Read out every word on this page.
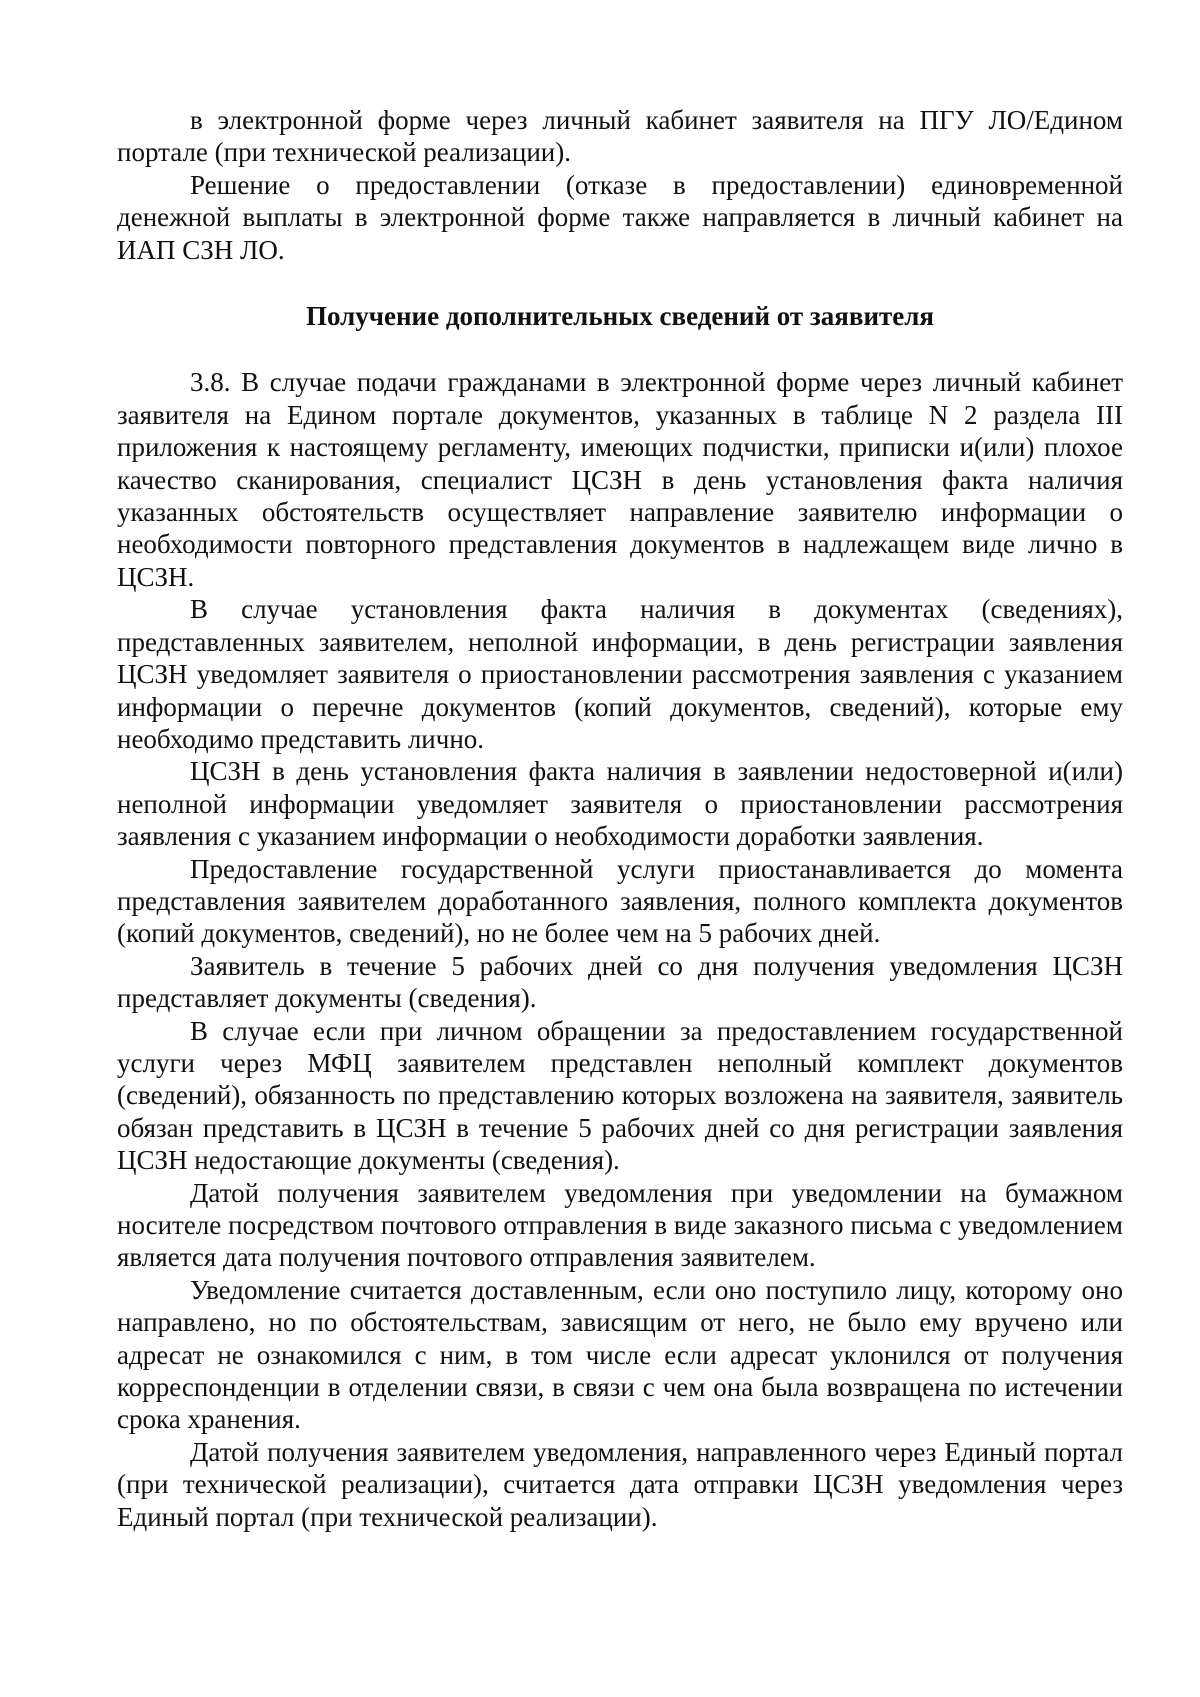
в электронной форме через личный кабинет заявителя на ПГУ ЛО/Едином портале (при технической реализации).

Решение о предоставлении (отказе в предоставлении) единовременной денежной выплаты в электронной форме также направляется в личный кабинет на ИАП СЗН ЛО.

Получение дополнительных сведений от заявителя

3.8. В случае подачи гражданами в электронной форме через личный кабинет заявителя на Едином портале документов, указанных в таблице N 2 раздела III приложения к настоящему регламенту, имеющих подчистки, приписки и(или) плохое качество сканирования, специалист ЦСЗН в день установления факта наличия указанных обстоятельств осуществляет направление заявителю информации о необходимости повторного представления документов в надлежащем виде лично в ЦСЗН.

В случае установления факта наличия в документах (сведениях), представленных заявителем, неполной информации, в день регистрации заявления ЦСЗН уведомляет заявителя о приостановлении рассмотрения заявления с указанием информации о перечне документов (копий документов, сведений), которые ему необходимо представить лично.

ЦСЗН в день установления факта наличия в заявлении недостоверной и(или) неполной информации уведомляет заявителя о приостановлении рассмотрения заявления с указанием информации о необходимости доработки заявления.

Предоставление государственной услуги приостанавливается до момента представления заявителем доработанного заявления, полного комплекта документов (копий документов, сведений), но не более чем на 5 рабочих дней.

Заявитель в течение 5 рабочих дней со дня получения уведомления ЦСЗН представляет документы (сведения).

В случае если при личном обращении за предоставлением государственной услуги через МФЦ заявителем представлен неполный комплект документов (сведений), обязанность по представлению которых возложена на заявителя, заявитель обязан представить в ЦСЗН в течение 5 рабочих дней со дня регистрации заявления ЦСЗН недостающие документы (сведения).

Датой получения заявителем уведомления при уведомлении на бумажном носителе посредством почтового отправления в виде заказного письма с уведомлением является дата получения почтового отправления заявителем.

Уведомление считается доставленным, если оно поступило лицу, которому оно направлено, но по обстоятельствам, зависящим от него, не было ему вручено или адресат не ознакомился с ним, в том числе если адресат уклонился от получения корреспонденции в отделении связи, в связи с чем она была возвращена по истечении срока хранения.

Датой получения заявителем уведомления, направленного через Единый портал (при технической реализации), считается дата отправки ЦСЗН уведомления через Единый портал (при технической реализации).
